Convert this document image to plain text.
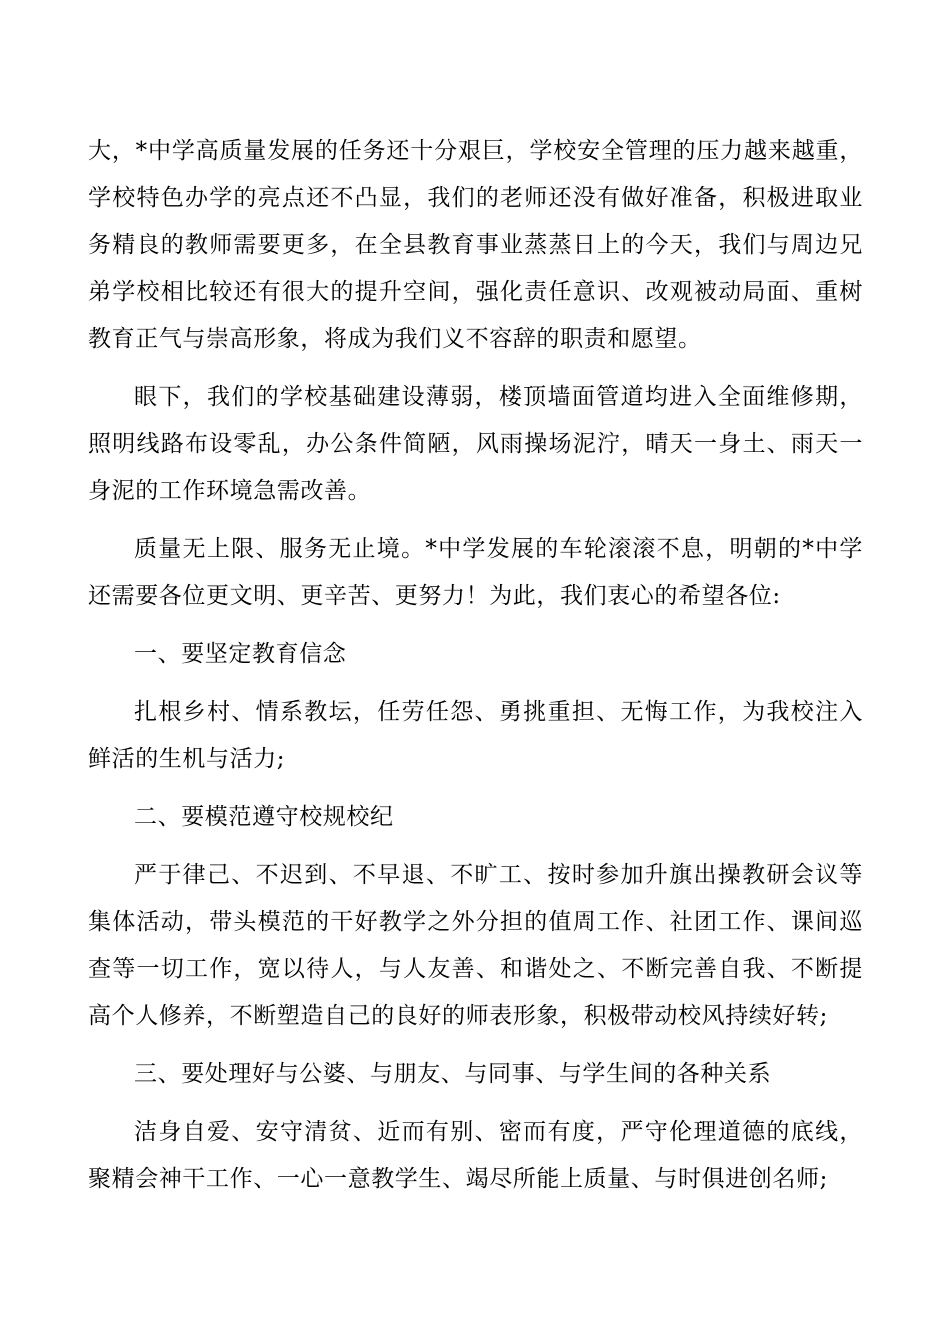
大，*中学高质量发展的任务还十分艰巨，学校安全管理的压力越来越重，学校特色办学的亮点还不凸显，我们的老师还没有做好准备，积极进取业务精良的教师需要更多，在全县教育事业蒸蒸日上的今天，我们与周边兄弟学校相比较还有很大的提升空间，强化责任意识、改观被动局面、重树教育正气与崇高形象，将成为我们义不容辞的职责和愿望。

眼下，我们的学校基础建设薄弱，楼顶墙面管道均进入全面维修期，照明线路布设零乱，办公条件简陋，风雨操场泥泞，晴天一身土、雨天一身泥的工作环境急需改善。

质量无上限、服务无止境。*中学发展的车轮滚滚不息，明朝的*中学还需要各位更文明、更辛苦、更努力！为此，我们衷心的希望各位:

一、要坚定教育信念

扎根乡村、情系教坛，任劳任怨、勇挑重担、无悔工作，为我校注入鲜活的生机与活力;

二、要模范遵守校规校纪

严于律己、不迟到、不早退、不旷工、按时参加升旗出操教研会议等集体活动，带头模范的干好教学之外分担的值周工作、社团工作、课间巡查等一切工作，宽以待人，与人友善、和谐处之、不断完善自我、不断提高个人修养，不断塑造自己的良好的师表形象，积极带动校风持续好转;

三、要处理好与公婆、与朋友、与同事、与学生间的各种关系

洁身自爱、安守清贫、近而有别、密而有度，严守伦理道德的底线，聚精会神干工作、一心一意教学生、竭尽所能上质量、与时俱进创名师;
